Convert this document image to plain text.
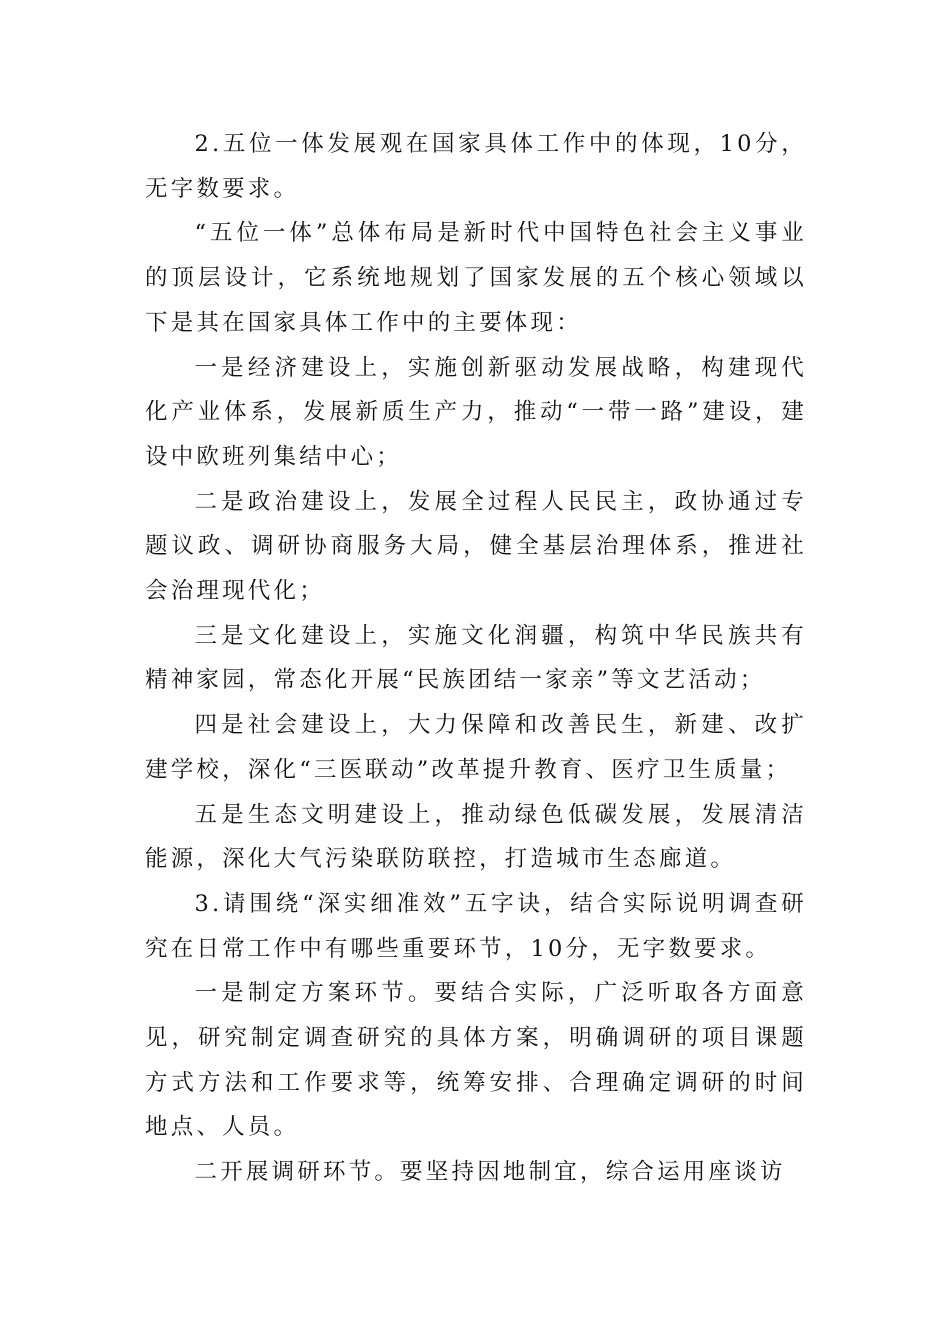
2.五位一体发展观在国家具体工作中的体现，10分，无字数要求。

“五位一体”总体布局是新时代中国特色社会主义事业的顶层设计，它系统地规划了国家发展的五个核心领域以下是其在国家具体工作中的主要体现：

一是经济建设上，实施创新驱动发展战略，构建现代化产业体系，发展新质生产力，推动“一带一路”建设，建设中欧班列集结中心；

二是政治建设上，发展全过程人民民主，政协通过专题议政、调研协商服务大局，健全基层治理体系，推进社会治理现代化；

三是文化建设上，实施文化润疆，构筑中华民族共有精神家园，常态化开展“民族团结一家亲”等文艺活动；

四是社会建设上，大力保障和改善民生，新建、改扩建学校，深化“三医联动”改革提升教育、医疗卫生质量；

五是生态文明建设上，推动绿色低碳发展，发展清洁能源，深化大气污染联防联控，打造城市生态廊道。

3.请围绕“深实细准效”五字诀，结合实际说明调查研究在日常工作中有哪些重要环节，10分，无字数要求。

一是制定方案环节。要结合实际，广泛听取各方面意见，研究制定调查研究的具体方案，明确调研的项目课题方式方法和工作要求等，统筹安排、合理确定调研的时间地点、人员。

二开展调研环节。要坚持因地制宜，综合运用座谈访
